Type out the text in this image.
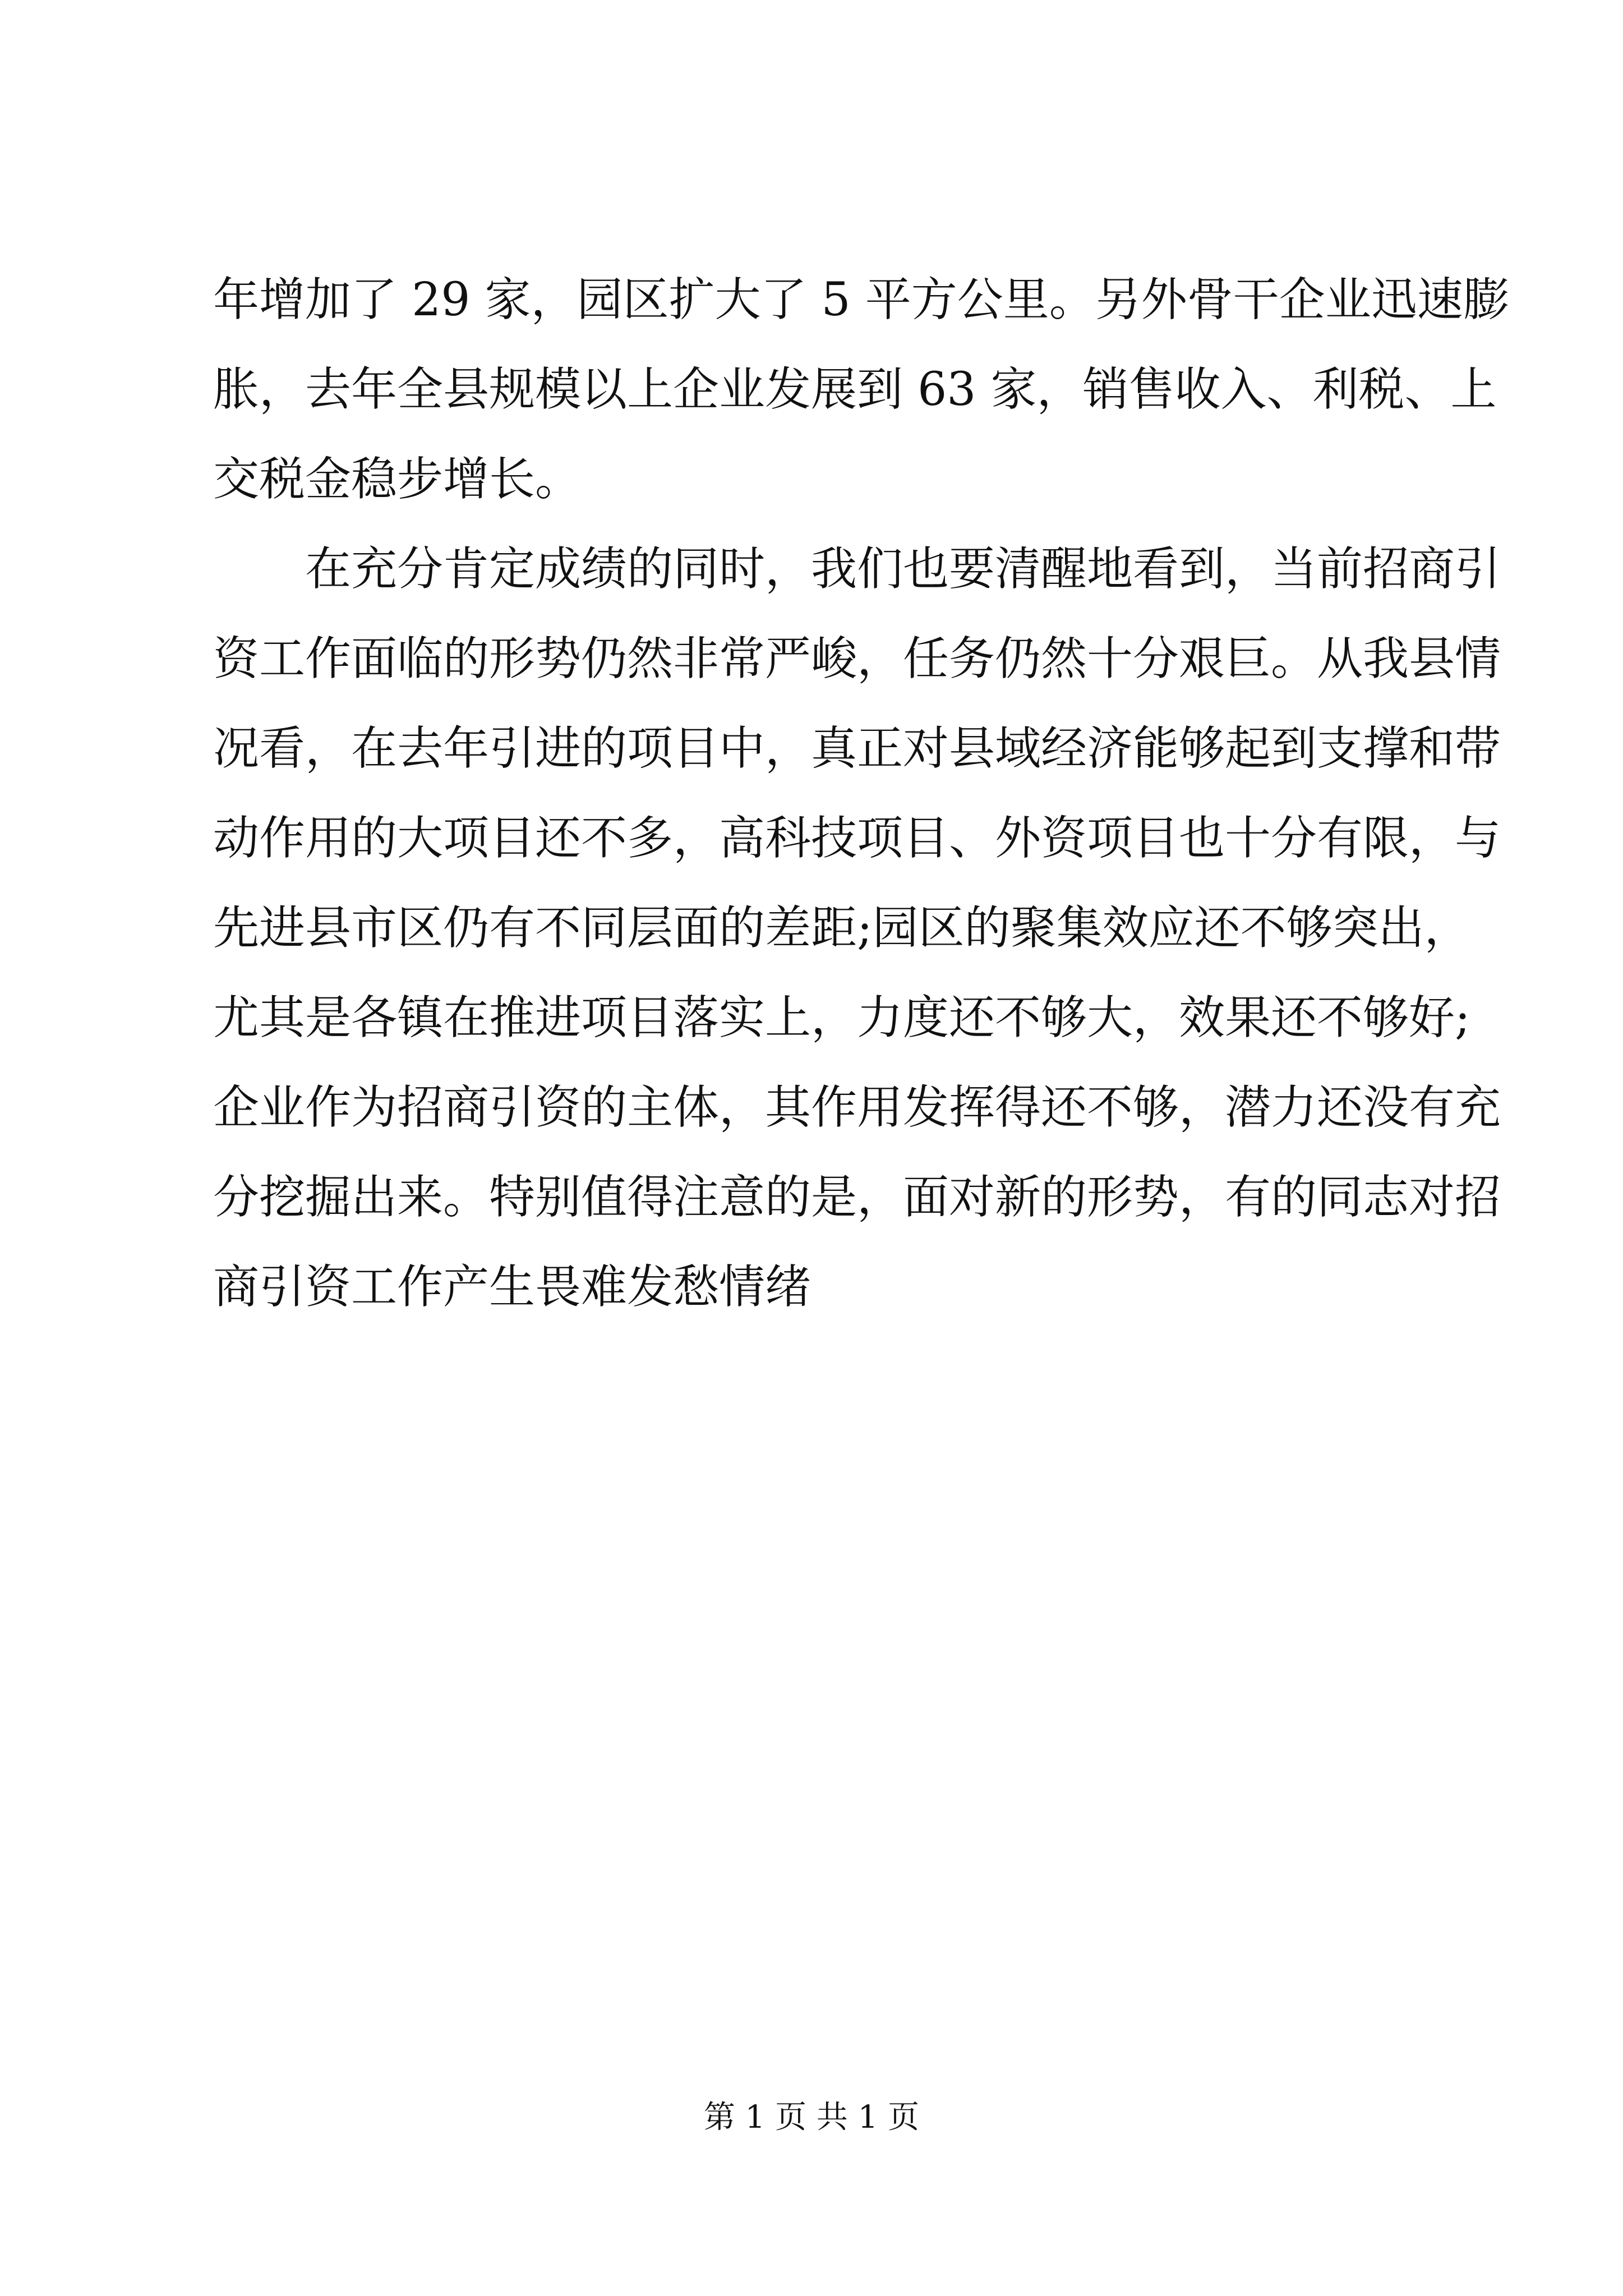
年增加了 29 家，园区扩大了 5 平方公里。另外骨干企业迅速膨
胀，去年全县规模以上企业发展到 63 家，销售收入、利税、上
交税金稳步增长。
在充分肯定成绩的同时，我们也要清醒地看到，当前招商引
资工作面临的形势仍然非常严峻，任务仍然十分艰巨。从我县情
况看，在去年引进的项目中，真正对县域经济能够起到支撑和带
动作用的大项目还不多，高科技项目、外资项目也十分有限，与
先进县市区仍有不同层面的差距;园区的聚集效应还不够突出，
尤其是各镇在推进项目落实上，力度还不够大，效果还不够好;
企业作为招商引资的主体，其作用发挥得还不够，潜力还没有充
分挖掘出来。特别值得注意的是，面对新的形势，有的同志对招
商引资工作产生畏难发愁情绪
第 1 页 共 1 页
